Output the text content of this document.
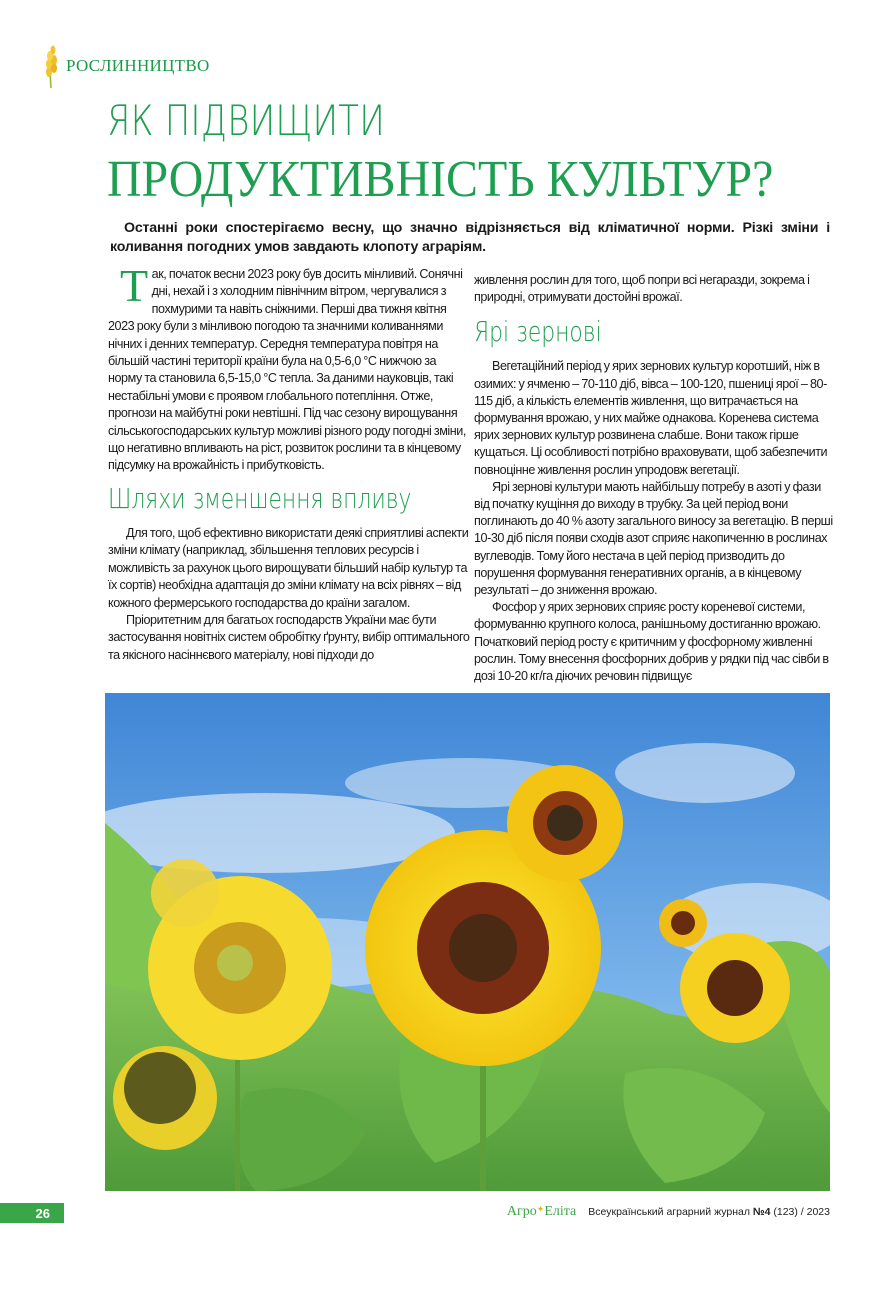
РОСЛИННИЦТВО
ЯК ПІДВИЩИТИ
ПРОДУКТИВНІСТЬ КУЛЬТУР?
Останні роки спостерігаємо весну, що значно відрізняється від кліматичної норми. Різкі зміни і коливання погодних умов завдають клопоту аграріям.

Так, початок весни 2023 року був досить мінливий. Сонячні дні, нехай і з холодним північним вітром, чергувалися з похмурими та навіть сніжними. Перші два тижня квітня 2023 року були з мінливою погодою та значними коливаннями нічних і денних температур. Середня температура повітря на більшій частині території країни була на 0,5-6,0 °С нижчою за норму та становила 6,5-15,0 °С тепла. За даними науковців, такі нестабільні умови є проявом глобального потепління. Отже, прогнози на майбутні роки невтішні. Під час сезону вирощування сільськогосподарських культур можливі різного роду погодні зміни, що негативно впливають на ріст, розвиток рослини та в кінцевому підсумку на врожайність і прибутковість.

Шляхи зменшення впливу

Для того, щоб ефективно використати деякі сприятливі аспекти зміни клімату (наприклад, збільшення теплових ресурсів і можливість за рахунок цього вирощувати більший набір культур та їх сортів) необхідна адаптація до зміни клімату на всіх рівнях – від кожного фермерського господарства до країни загалом.

Пріоритетним для багатьох господарств України має бути застосування новітніх систем обробітку ґрунту, вибір оптимального та якісного насіннєвого матеріалу, нові підходи до

живлення рослин для того, щоб попри всі негаразди, зокрема і природні, отримувати достойні врожаї.

Ярі зернові

Вегетаційний період у ярих зернових культур коротший, ніж в озимих: у ячменю – 70-110 діб, вівса – 100-120, пшениці ярої – 80-115 діб, а кількість елементів живлення, що витрачається на формування врожаю, у них майже однакова. Коренева система ярих зернових культур розвинена слабше. Вони також гірше кущаться. Ці особливості потрібно враховувати, щоб забезпечити повноцінне живлення рослин упродовж вегетації.

Ярі зернові культури мають найбільшу потребу в азоті у фази від початку кущіння до виходу в трубку. За цей період вони поглинають до 40 % азоту загального виносу за вегетацію. В перші 10-30 діб після появи сходів азот сприяє накопиченню в рослинах вуглеводів. Тому його нестача в цей період призводить до порушення формування генеративних органів, а в кінцевому результаті – до зниження врожаю.

Фосфор у ярих зернових сприяє росту кореневої системи, формуванню крупного колоса, ранішньому достиганню врожаю. Початковий період росту є критичним у фосфорному живленні рослин. Тому внесення фосфорних добрив у рядки під час сівби в дозі 10-20 кг/га діючих речовин підвищує

26	Агро✦Еліта Всеукраїнський аграрний журнал №4 (123) / 2023
